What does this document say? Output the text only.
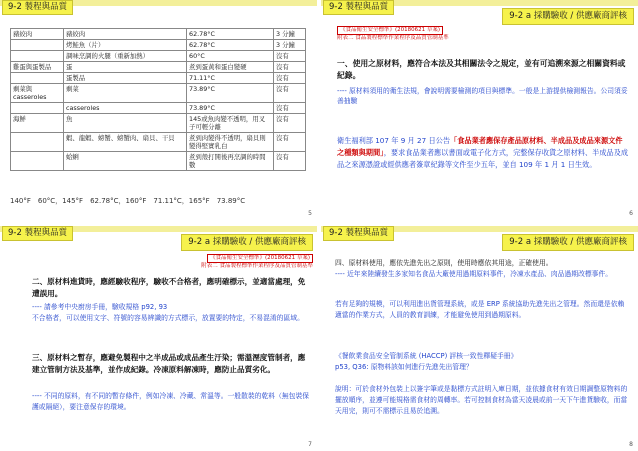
9-2 製程與品質
豬絞肉	豬絞肉	62.78°C	3 分鐘
	烤鮭魚（片）	62.78°C	3 分鐘
	調味烹調的火腿（重新加熱）	60°C	沒有
雞蛋與蛋製品	蛋	煮到蛋黃和蛋白變硬	沒有
	蛋製品	71.11°C	沒有
剩菜與 casseroles	剩菜	73.89°C	沒有
	casseroles	73.89°C	沒有
海鮮	魚	145或魚肉變不透明，用叉子可輕分離	沒有
	蝦、龍蝦、螃蟹、螃蟹肉、扇貝、干貝	煮到肉變得不透明，扇貝則變得堅實乳白	沒有
	蛤蜊	煮到殼打開後再烹調的時間數	沒有
140°F　60°C，145°F　62.78°C，160°F　71.11°C，165°F　73.89°C
5
9-2 製程與品質
9-2 a 採購驗收 / 供應廠商評核
《食品衛生安全標準》(20180621 草案)
附表二 食品製程標準作業程序及品質管制基準
一、使用之原材料，應符合本法及其相關法令之規定，並有可追溯來源之相關資料或紀錄。
---- 原材料須用的衛生法規，會說明需要檢測的項目與標準。一般是上游提供檢測報告。公司須妥善抽驗
衛生福利部 107 年 9 月 27 日公告「食品業者應保存產品原材料、半成品及成品來源文件之種類與期間」，要求食品業者應以書面或電子化方式，完整保存收貨之原材料、半成品及成品之來源憑證或經供應者簽章紀錄等文件至少五年，並自 109 年 1 月 1 日生效。
6
9-2 製程與品質
9-2 a 採購驗收 / 供應廠商評核
《食品衛生安全標準》(20180621 草案)
附表二 食品製程標準作業程序及品質管制基準
二、原材料進貨時，應經驗收程序，驗收不合格者，應明確標示，並適當處理，免遭誤用。
---- 請參考中央廚房手冊，驗收規格 p92, 93
不合格者，可以使用文字、符號的容易辨識的方式標示，放置要的特定，不易混淆的區域。
三、原材料之暫存，應避免製程中之半成品或成品產生汙染；需溫溼度管制者，應建立管制方法及基準，並作成紀錄。冷凍原料解凍時，應防止品質劣化。
---- 不同的原料，有不同的暫存條件，例如冷凍、冷藏、常溫等。一般散裝的乾料（無包裝保護或隔絕），要注意保存的環境。
7
9-2 製程與品質
9-2 a 採購驗收 / 供應廠商評核
四、原材料使用，應依先進先出之原則，使用時應依其用途，正確使用。
---- 近年來陸續發生多家知名食品大廠使用過期原料事件，冷凍水產品、肉品過期改標事件。
若有足夠的規模，可以利用進出貨管理系統，或是 ERP 系統協助先進先出之管理。然而還是依賴適當的作業方式，人員的教育訓練，才能避免使用到過期原料。
《餐飲業食品安全管制系統 (HACCP) 評核一致性釋疑手冊》
p53, Q36: 原物料該如何進行先進先出管理？
說明：可於食材外包裝上以簽字筆或是黏標方式註明入庫日期，並依據食材有效日期調整原物料的擺放順序，並遵可能規格需食材的周轉率。若可控制食材為當天凌晨或前一天下午進貨驗收，而當天用完，則可不需標示且易於追溯。
8
